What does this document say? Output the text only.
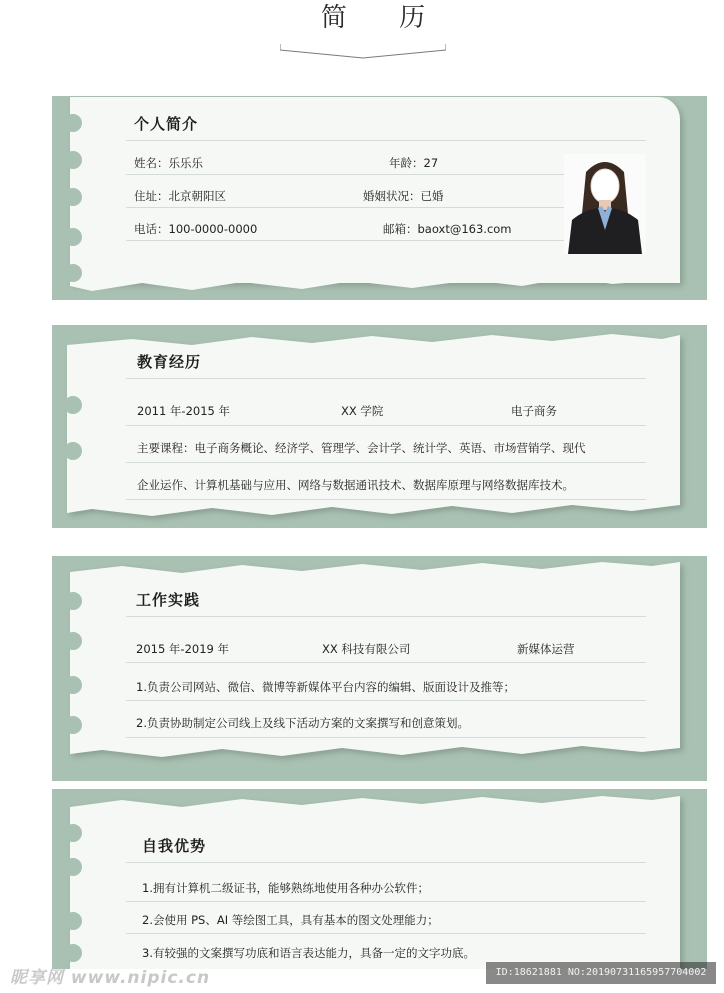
简 历
个人简介
姓名：乐乐乐	年龄：27
住址：北京朝阳区	婚姻状况：已婚
电话：100-0000-0000	邮箱：baoxt@163.com
教育经历
2011 年-2015 年	XX 学院	电子商务
主要课程：电子商务概论、经济学、管理学、会计学、统计学、英语、市场营销学、现代
企业运作、计算机基础与应用、网络与数据通讯技术、数据库原理与网络数据库技术。
工作实践
2015 年-2019 年	XX 科技有限公司	新媒体运营
1.负责公司网站、微信、微博等新媒体平台内容的编辑、版面设计及推等；
2.负责协助制定公司线上及线下活动方案的文案撰写和创意策划。
自我优势
1.拥有计算机二级证书，能够熟练地使用各种办公软件；
2.会使用 PS、AI 等绘图工具，具有基本的图文处理能力；
3.有较强的文案撰写功底和语言表达能力，具备一定的文字功底。
昵享网 www.nipic.cn	ID:18621881 NO:20190731165957704002
